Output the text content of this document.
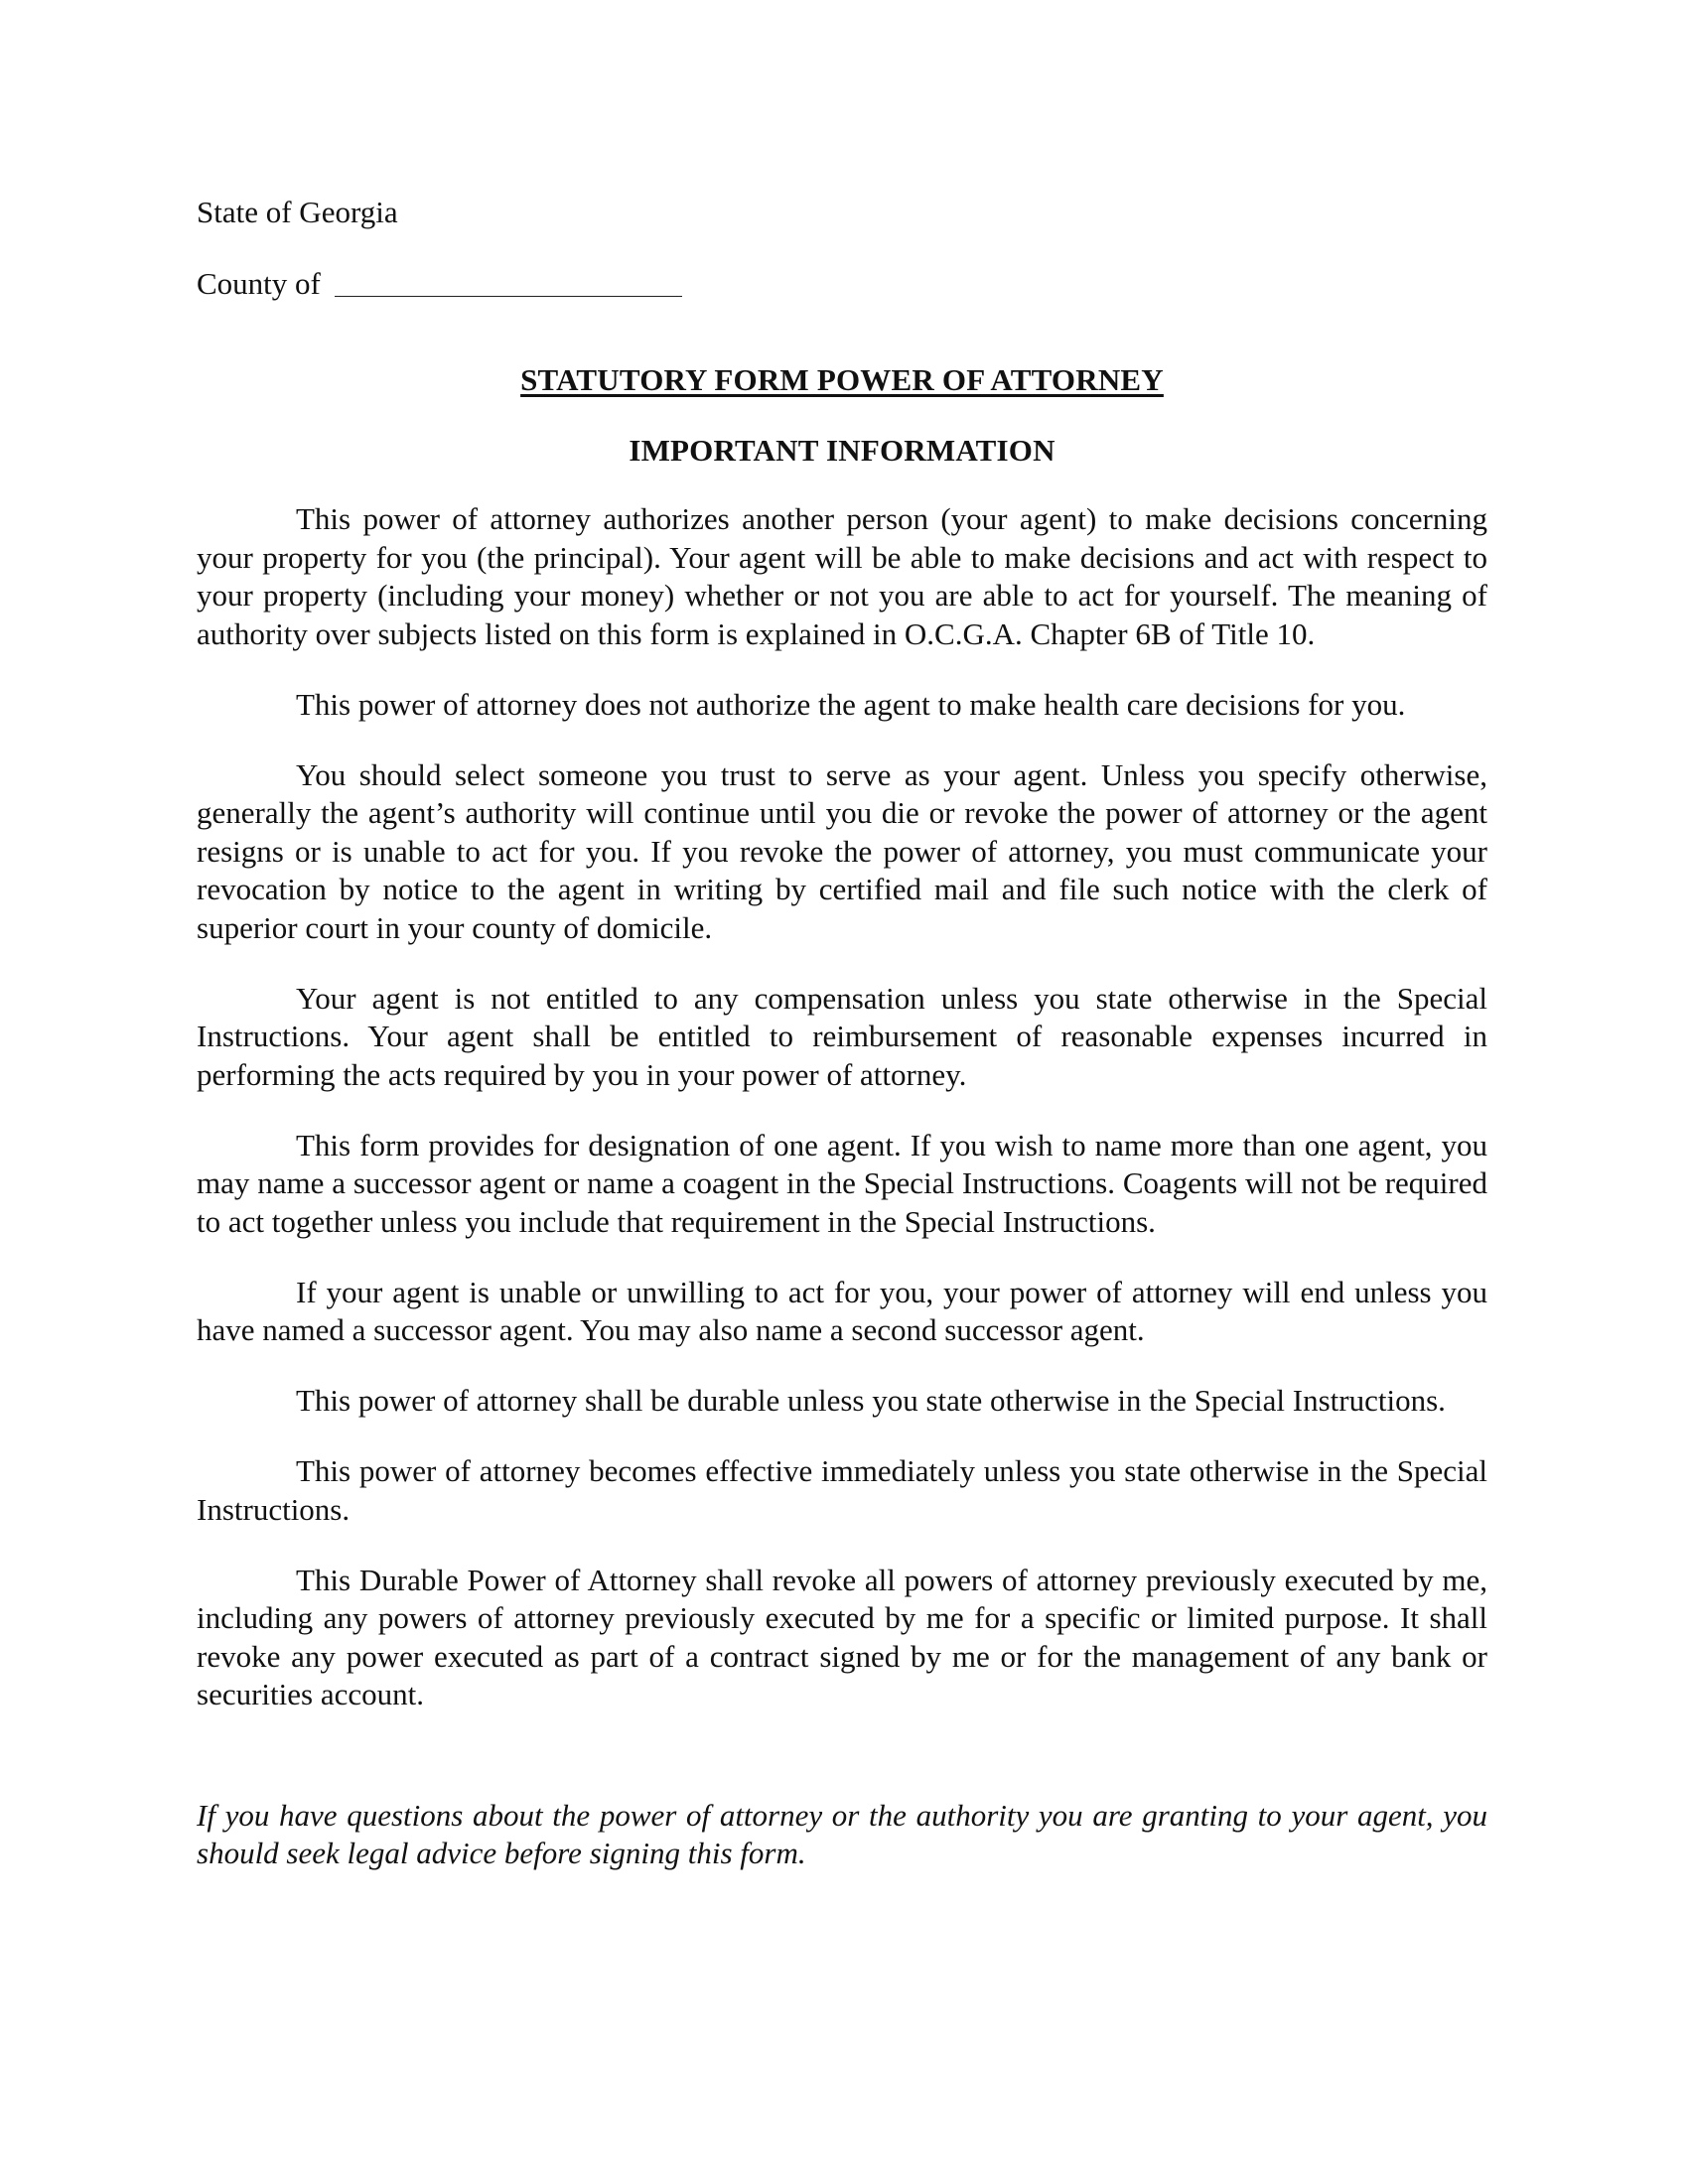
State of Georgia

County of

STATUTORY FORM POWER OF ATTORNEY

IMPORTANT INFORMATION

This power of attorney authorizes another person (your agent) to make decisions concerning your property for you (the principal). Your agent will be able to make decisions and act with respect to your property (including your money) whether or not you are able to act for yourself. The meaning of authority over subjects listed on this form is explained in O.C.G.A. Chapter 6B of Title 10.

This power of attorney does not authorize the agent to make health care decisions for you.

You should select someone you trust to serve as your agent. Unless you specify otherwise, generally the agent’s authority will continue until you die or revoke the power of attorney or the agent resigns or is unable to act for you. If you revoke the power of attorney, you must communicate your revocation by notice to the agent in writing by certified mail and file such notice with the clerk of superior court in your county of domicile.

Your agent is not entitled to any compensation unless you state otherwise in the Special Instructions. Your agent shall be entitled to reimbursement of reasonable expenses incurred in performing the acts required by you in your power of attorney.

This form provides for designation of one agent. If you wish to name more than one agent, you may name a successor agent or name a coagent in the Special Instructions. Coagents will not be required to act together unless you include that requirement in the Special Instructions.

If your agent is unable or unwilling to act for you, your power of attorney will end unless you have named a successor agent. You may also name a second successor agent.

This power of attorney shall be durable unless you state otherwise in the Special Instructions.

This power of attorney becomes effective immediately unless you state otherwise in the Special Instructions.

This Durable Power of Attorney shall revoke all powers of attorney previously executed by me, including any powers of attorney previously executed by me for a specific or limited purpose. It shall revoke any power executed as part of a contract signed by me or for the management of any bank or securities account.

If you have questions about the power of attorney or the authority you are granting to your agent, you should seek legal advice before signing this form.
